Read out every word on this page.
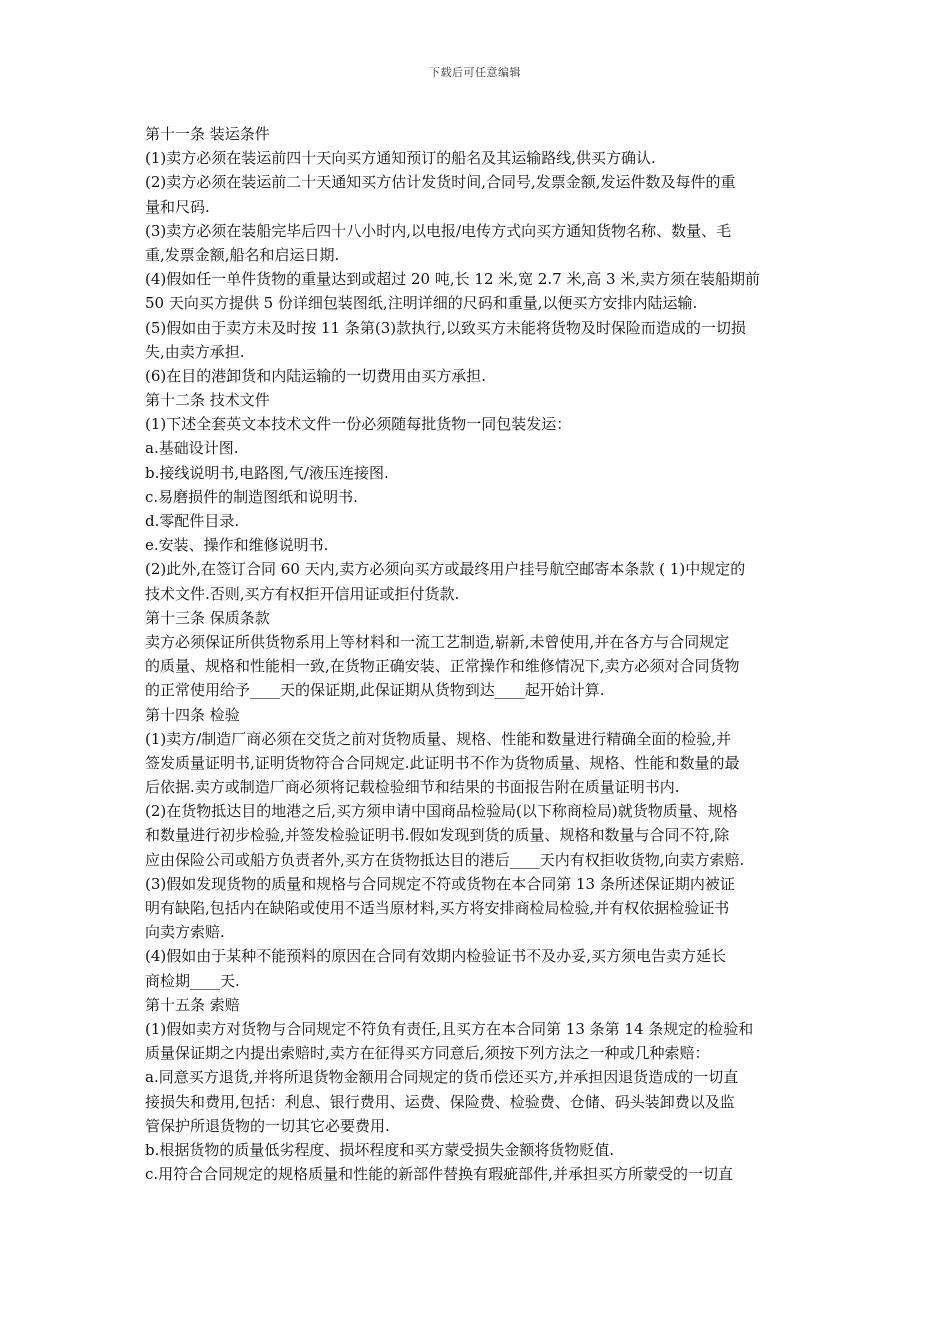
下载后可任意编辑
第十一条 装运条件
(1)卖方必须在装运前四十天向买方通知预订的船名及其运输路线,供买方确认.
(2)卖方必须在装运前二十天通知买方估计发货时间,合同号,发票金额,发运件数及每件的重
量和尺码.
(3)卖方必须在装船完毕后四十八小时内,以电报/电传方式向买方通知货物名称、数量、毛
重,发票金额,船名和启运日期.
(4)假如任一单件货物的重量达到或超过 20 吨,长 12 米,宽 2.7 米,高 3 米,卖方须在装船期前
50 天向买方提供 5 份详细包装图纸,注明详细的尺码和重量,以便买方安排内陆运输.
(5)假如由于卖方未及时按 11 条第(3)款执行,以致买方未能将货物及时保险而造成的一切损
失,由卖方承担.
(6)在目的港卸货和内陆运输的一切费用由买方承担.
第十二条 技术文件
(1)下述全套英文本技术文件一份必须随每批货物一同包装发运：
a.基础设计图.
b.接线说明书,电路图,气/液压连接图.
c.易磨损件的制造图纸和说明书.
d.零配件目录.
e.安装、操作和维修说明书.
(2)此外,在签订合同 60 天内,卖方必须向买方或最终用户挂号航空邮寄本条款 ( 1)中规定的
技术文件.否则,买方有权拒开信用证或拒付货款.
第十三条 保质条款
卖方必须保证所供货物系用上等材料和一流工艺制造,崭新,未曾使用,并在各方与合同规定
的质量、规格和性能相一致,在货物正确安装、正常操作和维修情况下,卖方必须对合同货物
的正常使用给予____天的保证期,此保证期从货物到达____起开始计算.
第十四条 检验
(1)卖方/制造厂商必须在交货之前对货物质量、规格、性能和数量进行精确全面的检验,并
签发质量证明书,证明货物符合合同规定.此证明书不作为货物质量、规格、性能和数量的最
后依据.卖方或制造厂商必须将记载检验细节和结果的书面报告附在质量证明书内.
(2)在货物抵达目的地港之后,买方须申请中国商品检验局(以下称商检局)就货物质量、规格
和数量进行初步检验,并签发检验证明书.假如发现到货的质量、规格和数量与合同不符,除
应由保险公司或船方负责者外,买方在货物抵达目的港后____天内有权拒收货物,向卖方索赔.
(3)假如发现货物的质量和规格与合同规定不符或货物在本合同第 13 条所述保证期内被证
明有缺陷,包括内在缺陷或使用不适当原材料,买方将安排商检局检验,并有权依据检验证书
向卖方索赔.
(4)假如由于某种不能预料的原因在合同有效期内检验证书不及办妥,买方须电告卖方延长
商检期____天.
第十五条 索赔
(1)假如卖方对货物与合同规定不符负有责任,且买方在本合同第 13 条第 14 条规定的检验和
质量保证期之内提出索赔时,卖方在征得买方同意后,须按下列方法之一种或几种索赔：
a.同意买方退货,并将所退货物金额用合同规定的货币偿还买方,并承担因退货造成的一切直
接损失和费用,包括：利息、银行费用、运费、保险费、检验费、仓储、码头装卸费以及监
管保护所退货物的一切其它必要费用.
b.根据货物的质量低劣程度、损坏程度和买方蒙受损失金额将货物贬值.
c.用符合合同规定的规格质量和性能的新部件替换有瑕疵部件,并承担买方所蒙受的一切直
